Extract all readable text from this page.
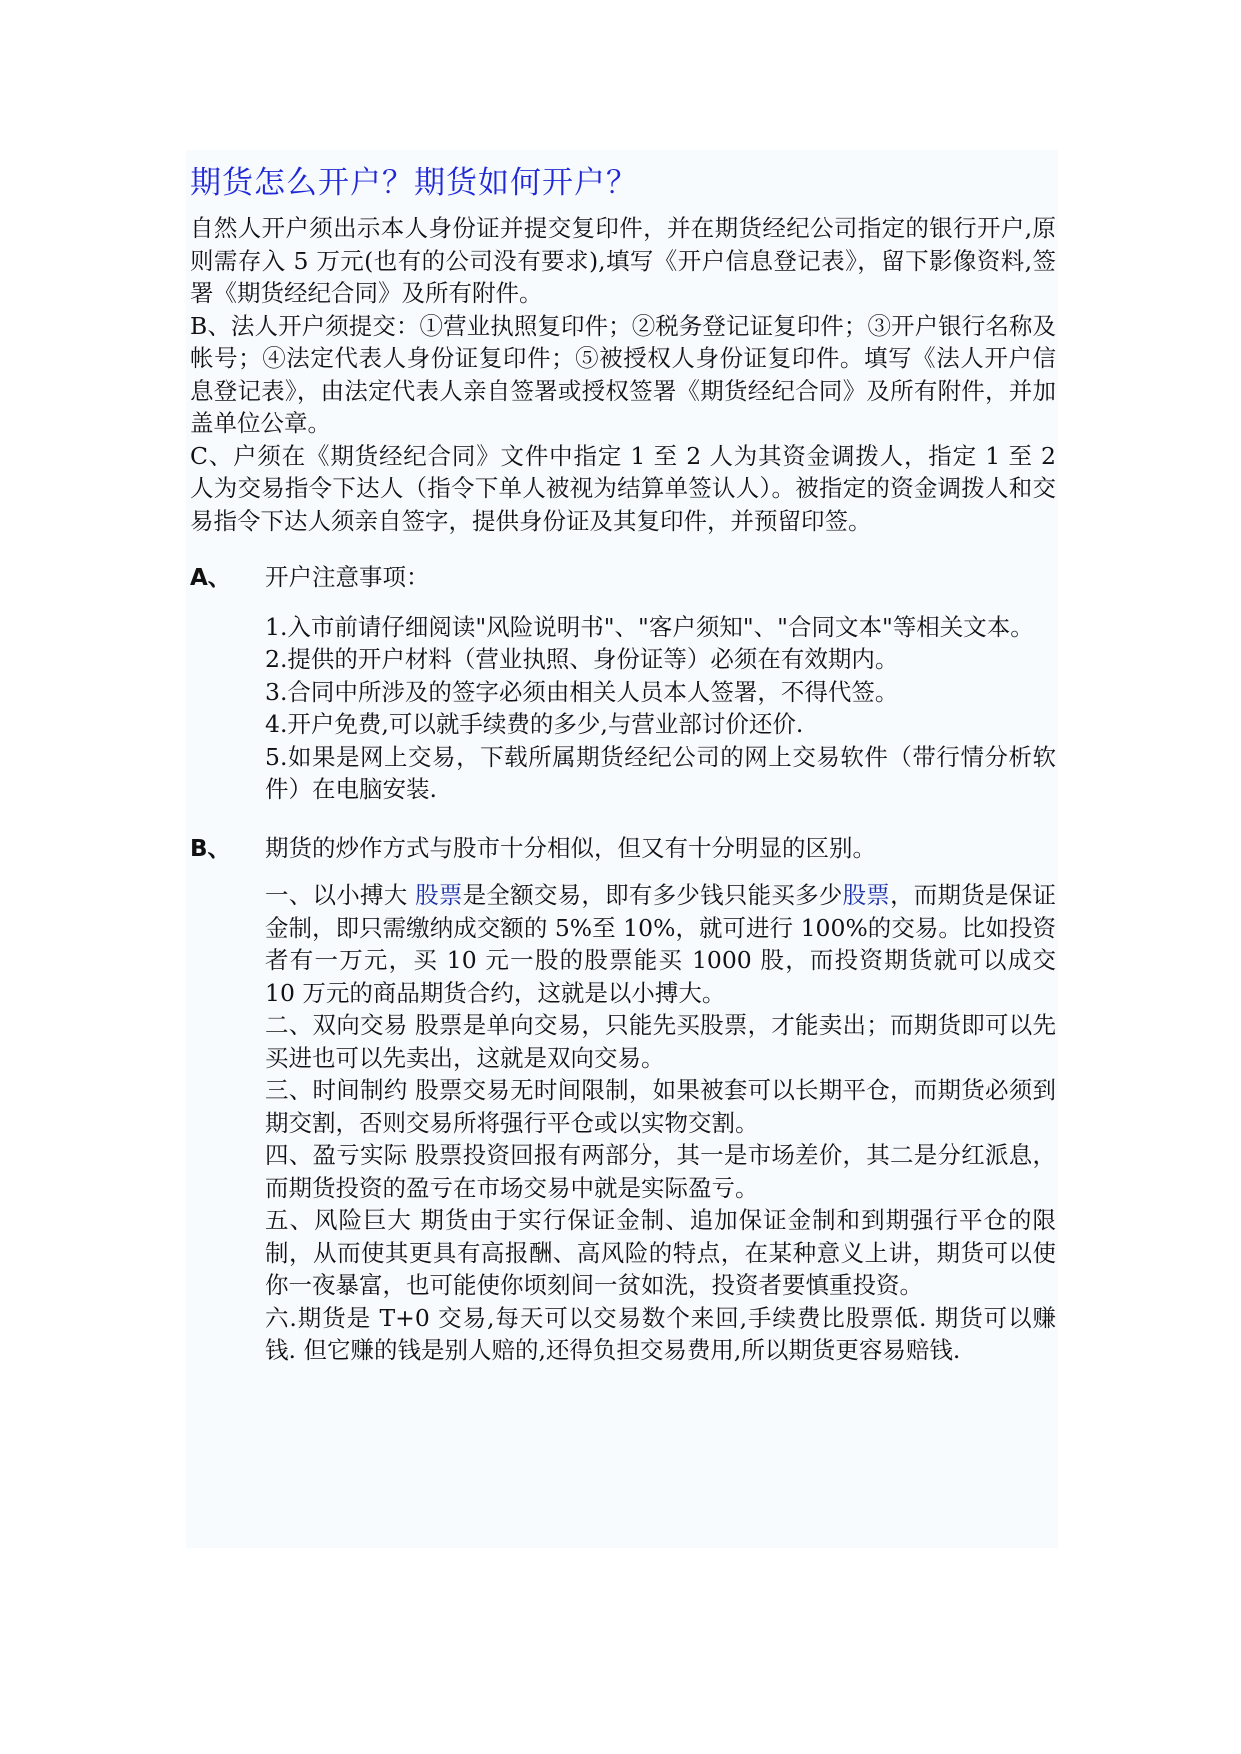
期货怎么开户？期货如何开户？

自然人开户须出示本人身份证并提交复印件，并在期货经纪公司指定的银行开户,原则需存入 5 万元(也有的公司没有要求),填写《开户信息登记表》，留下影像资料,签署《期货经纪合同》及所有附件。

B、法人开户须提交：①营业执照复印件；②税务登记证复印件；③开户银行名称及帐号；④法定代表人身份证复印件；⑤被授权人身份证复印件。填写《法人开户信息登记表》，由法定代表人亲自签署或授权签署《期货经纪合同》及所有附件，并加盖单位公章。

C、户须在《期货经纪合同》文件中指定 1 至 2 人为其资金调拨人，指定 1 至 2 人为交易指令下达人（指令下单人被视为结算单签认人）。被指定的资金调拨人和交易指令下达人须亲自签字，提供身份证及其复印件，并预留印签。

A、	开户注意事项：

1.入市前请仔细阅读"风险说明书"、"客户须知"、"合同文本"等相关文本。

2.提供的开户材料（营业执照、身份证等）必须在有效期内。

3.合同中所涉及的签字必须由相关人员本人签署，不得代签。

4.开户免费,可以就手续费的多少,与营业部讨价还价.

5.如果是网上交易，下载所属期货经纪公司的网上交易软件（带行情分析软件）在电脑安装.

B、	期货的炒作方式与股市十分相似，但又有十分明显的区别。

一、以小搏大 股票是全额交易，即有多少钱只能买多少股票，而期货是保证金制，即只需缴纳成交额的 5%至 10%，就可进行 100%的交易。比如投资者有一万元，买 10 元一股的股票能买 1000 股，而投资期货就可以成交 10 万元的商品期货合约，这就是以小搏大。

二、双向交易 股票是单向交易，只能先买股票，才能卖出；而期货即可以先买进也可以先卖出，这就是双向交易。

三、时间制约 股票交易无时间限制，如果被套可以长期平仓，而期货必须到期交割，否则交易所将强行平仓或以实物交割。

四、盈亏实际 股票投资回报有两部分，其一是市场差价，其二是分红派息，而期货投资的盈亏在市场交易中就是实际盈亏。

五、风险巨大 期货由于实行保证金制、追加保证金制和到期强行平仓的限制，从而使其更具有高报酬、高风险的特点，在某种意义上讲，期货可以使你一夜暴富，也可能使你顷刻间一贫如洗，投资者要慎重投资。

六.期货是 T+0 交易,每天可以交易数个来回,手续费比股票低. 期货可以赚钱. 但它赚的钱是别人赔的,还得负担交易费用,所以期货更容易赔钱.
